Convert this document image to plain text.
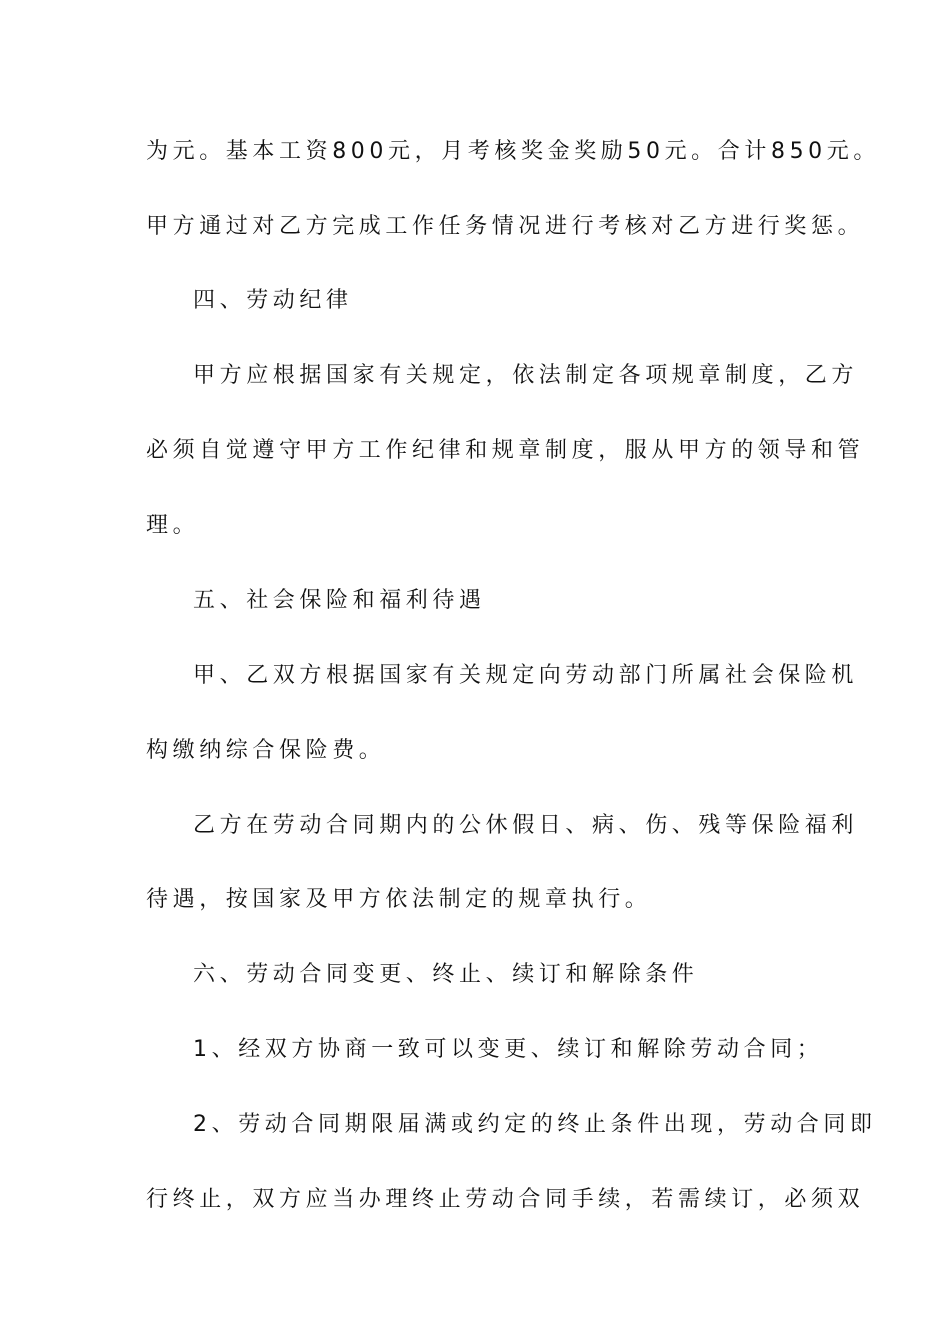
为元。基本工资800元，月考核奖金奖励50元。合计850元。
甲方通过对乙方完成工作任务情况进行考核对乙方进行奖惩。
四、劳动纪律
甲方应根据国家有关规定，依法制定各项规章制度，乙方
必须自觉遵守甲方工作纪律和规章制度，服从甲方的领导和管
理。
五、社会保险和福利待遇
甲、乙双方根据国家有关规定向劳动部门所属社会保险机
构缴纳综合保险费。
乙方在劳动合同期内的公休假日、病、伤、残等保险福利
待遇，按国家及甲方依法制定的规章执行。
六、劳动合同变更、终止、续订和解除条件
1、经双方协商一致可以变更、续订和解除劳动合同；
2、劳动合同期限届满或约定的终止条件出现，劳动合同即
行终止，双方应当办理终止劳动合同手续，若需续订，必须双
